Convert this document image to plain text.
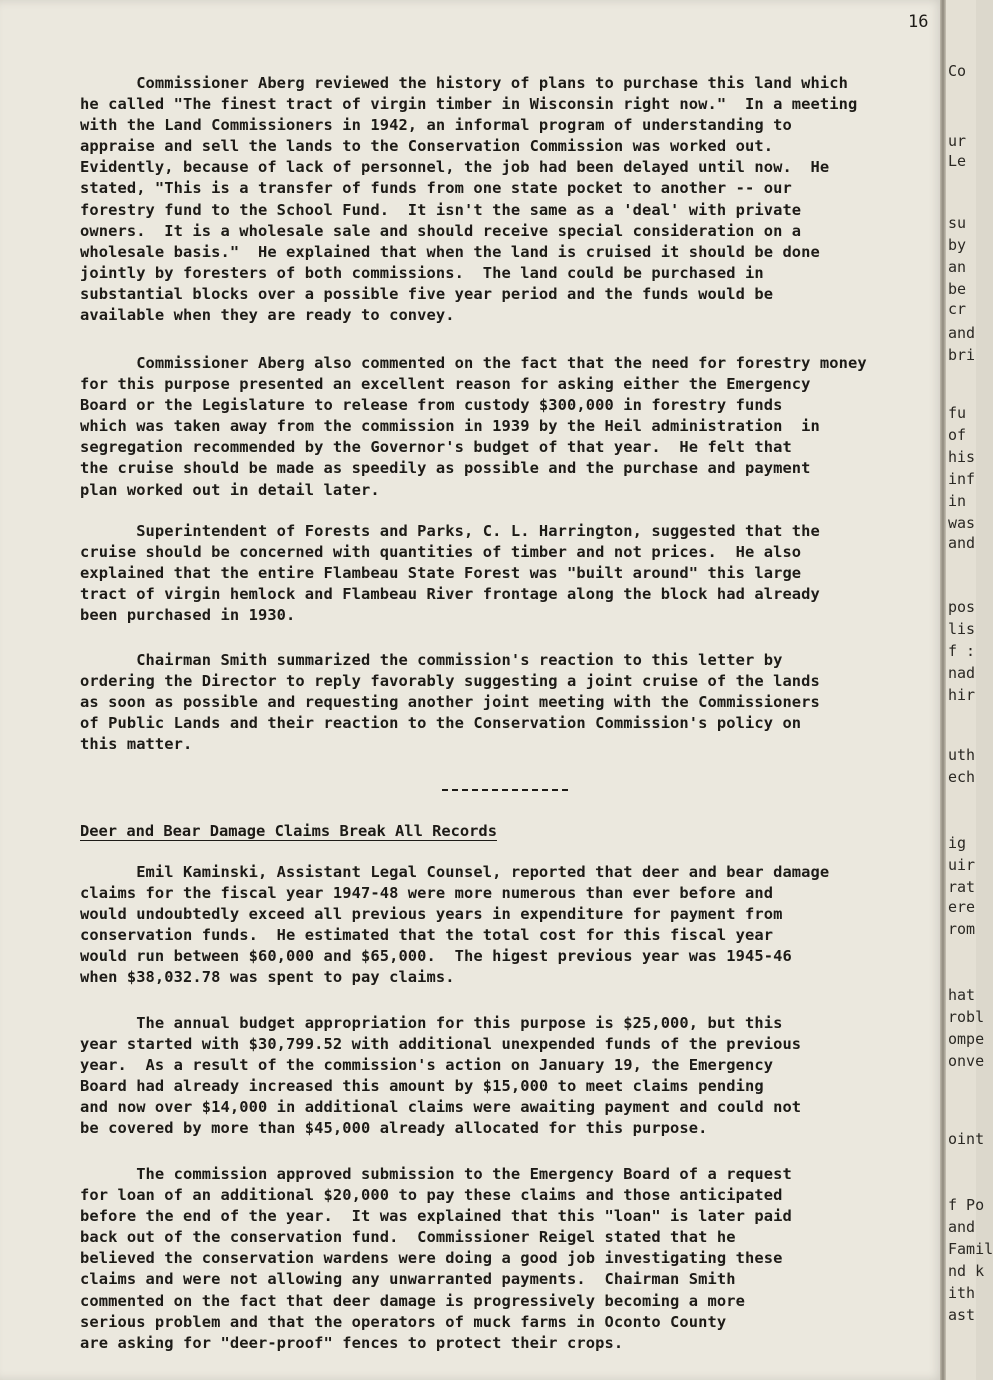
16

Commissioner Aberg reviewed the history of plans to purchase this land which
he called "The finest tract of virgin timber in Wisconsin right now."  In a meeting
with the Land Commissioners in 1942, an informal program of understanding to
appraise and sell the lands to the Conservation Commission was worked out.
Evidently, because of lack of personnel, the job had been delayed until now.  He
stated, "This is a transfer of funds from one state pocket to another -- our
forestry fund to the School Fund.  It isn't the same as a 'deal' with private
owners.  It is a wholesale sale and should receive special consideration on a
wholesale basis."  He explained that when the land is cruised it should be done
jointly by foresters of both commissions.  The land could be purchased in
substantial blocks over a possible five year period and the funds would be
available when they are ready to convey.

Commissioner Aberg also commented on the fact that the need for forestry money
for this purpose presented an excellent reason for asking either the Emergency
Board or the Legislature to release from custody $300,000 in forestry funds
which was taken away from the commission in 1939 by the Heil administration  in
segregation recommended by the Governor's budget of that year.  He felt that
the cruise should be made as speedily as possible and the purchase and payment
plan worked out in detail later.

Superintendent of Forests and Parks, C. L. Harrington, suggested that the
cruise should be concerned with quantities of timber and not prices.  He also
explained that the entire Flambeau State Forest was "built around" this large
tract of virgin hemlock and Flambeau River frontage along the block had already
been purchased in 1930.

Chairman Smith summarized the commission's reaction to this letter by
ordering the Director to reply favorably suggesting a joint cruise of the lands
as soon as possible and requesting another joint meeting with the Commissioners
of Public Lands and their reaction to the Conservation Commission's policy on
this matter.

Deer and Bear Damage Claims Break All Records

Emil Kaminski, Assistant Legal Counsel, reported that deer and bear damage
claims for the fiscal year 1947-48 were more numerous than ever before and
would undoubtedly exceed all previous years in expenditure for payment from
conservation funds.  He estimated that the total cost for this fiscal year
would run between $60,000 and $65,000.  The higest previous year was 1945-46
when $38,032.78 was spent to pay claims.

The annual budget appropriation for this purpose is $25,000, but this
year started with $30,799.52 with additional unexpended funds of the previous
year.  As a result of the commission's action on January 19, the Emergency
Board had already increased this amount by $15,000 to meet claims pending
and now over $14,000 in additional claims were awaiting payment and could not
be covered by more than $45,000 already allocated for this purpose.

The commission approved submission to the Emergency Board of a request
for loan of an additional $20,000 to pay these claims and those anticipated
before the end of the year.  It was explained that this "loan" is later paid
back out of the conservation fund.  Commissioner Reigel stated that he
believed the conservation wardens were doing a good job investigating these
claims and were not allowing any unwarranted payments.  Chairman Smith
commented on the fact that deer damage is progressively becoming a more
serious problem and that the operators of muck farms in Oconto County
are asking for "deer-proof" fences to protect their crops.

Co
ur
Le
su
by
an
be
cr
and
bri
fu
of
his
inf
in
was
and
pos
lis
f :
nad
hir
uth
ech
ig
uir
rat
ere
rom
hat
robl
ompe
onve
oint
f Po
and
Famil
nd k
ith
ast
